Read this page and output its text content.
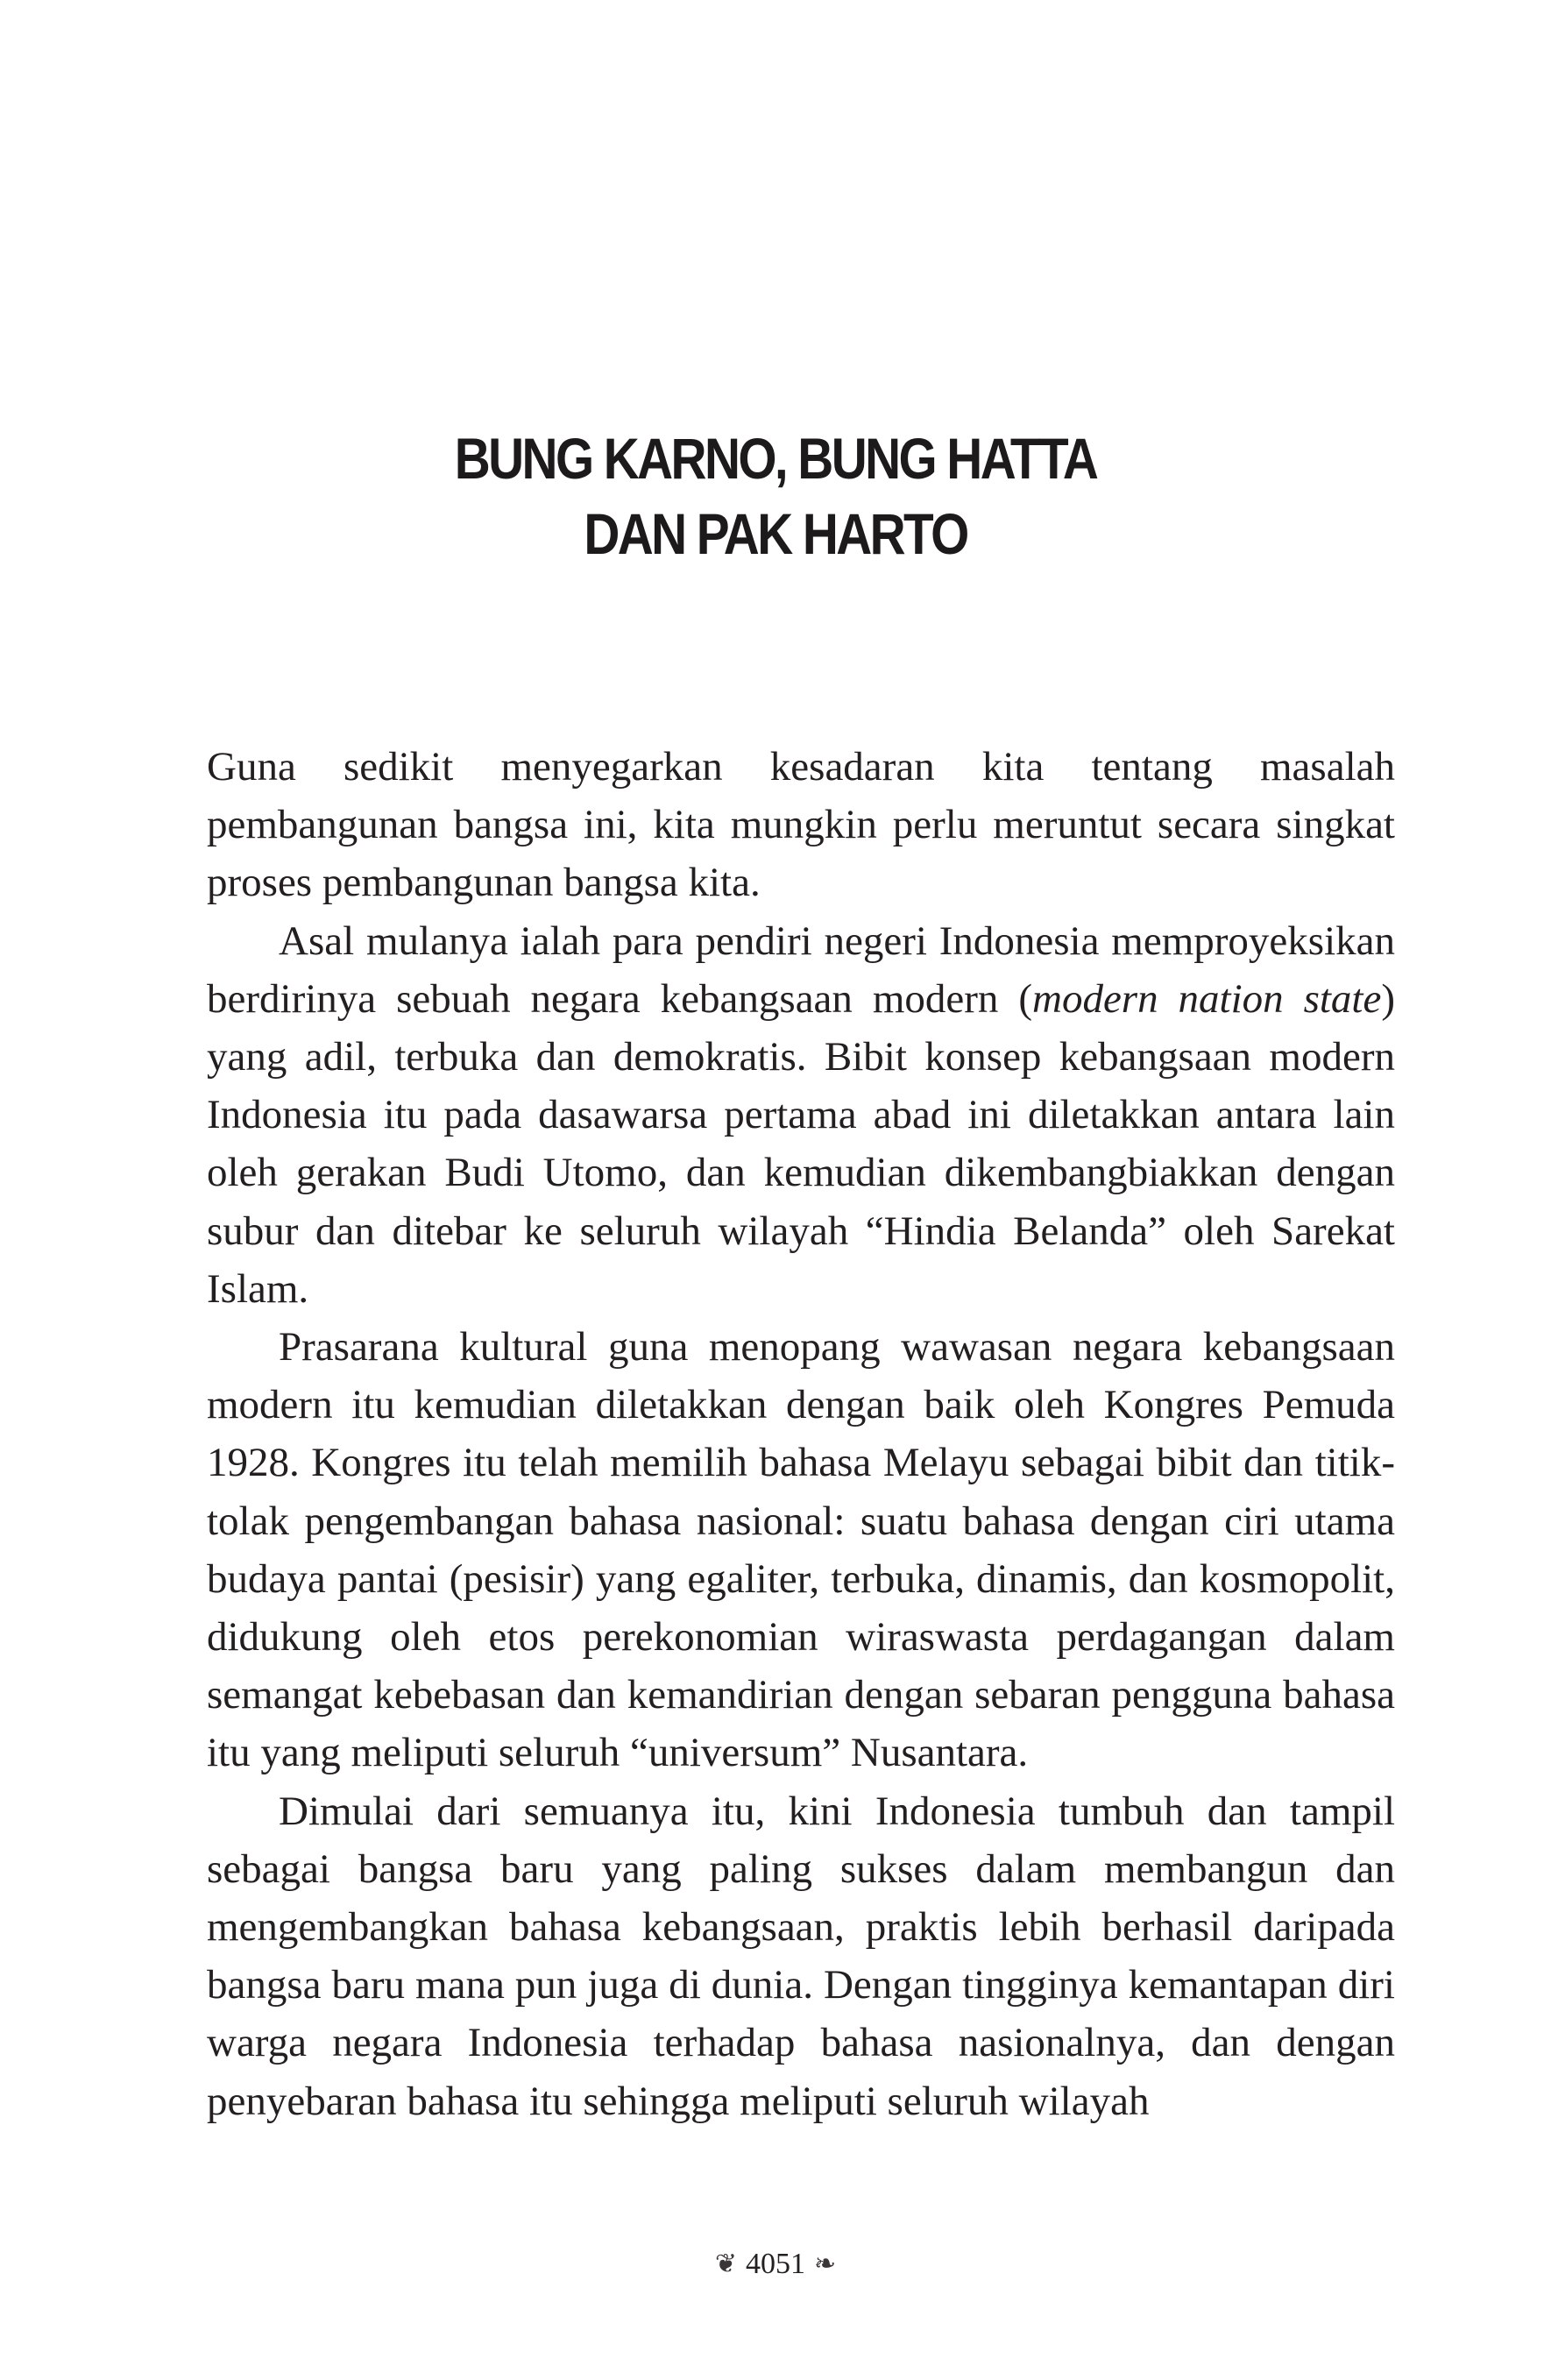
BUNG KARNO, BUNG HATTA
DAN PAK HARTO

Guna sedikit menyegarkan kesadaran kita tentang masalah pembangunan bangsa ini, kita mungkin perlu meruntut secara singkat proses pembangunan bangsa kita.

Asal mulanya ialah para pendiri negeri Indonesia memproyeksikan berdirinya sebuah negara kebangsaan modern (modern nation state) yang adil, terbuka dan demokratis. Bibit konsep kebangsaan modern Indonesia itu pada dasawarsa pertama abad ini diletakkan antara lain oleh gerakan Budi Utomo, dan kemudian dikembangbiakkan dengan subur dan ditebar ke seluruh wilayah “Hindia Belanda” oleh Sarekat Islam.

Prasarana kultural guna menopang wawasan negara kebangsaan modern itu kemudian diletakkan dengan baik oleh Kongres Pemuda 1928. Kongres itu telah memilih bahasa Melayu sebagai bibit dan titik-tolak pengembangan bahasa nasional: suatu bahasa dengan ciri utama budaya pantai (pesisir) yang egaliter, terbuka, dinamis, dan kosmopolit, didukung oleh etos perekonomian wiraswasta perdagangan dalam semangat kebebasan dan kemandirian dengan sebaran pengguna bahasa itu yang meliputi seluruh “universum” Nusantara.

Dimulai dari semuanya itu, kini Indonesia tumbuh dan tampil sebagai bangsa baru yang paling sukses dalam membangun dan mengembangkan bahasa kebangsaan, praktis lebih berhasil daripada bangsa baru mana pun juga di dunia. Dengan tingginya kemantapan diri warga negara Indonesia terhadap bahasa nasionalnya, dan dengan penyebaran bahasa itu sehingga meliputi seluruh wilayah

❦ 4051 ❧
